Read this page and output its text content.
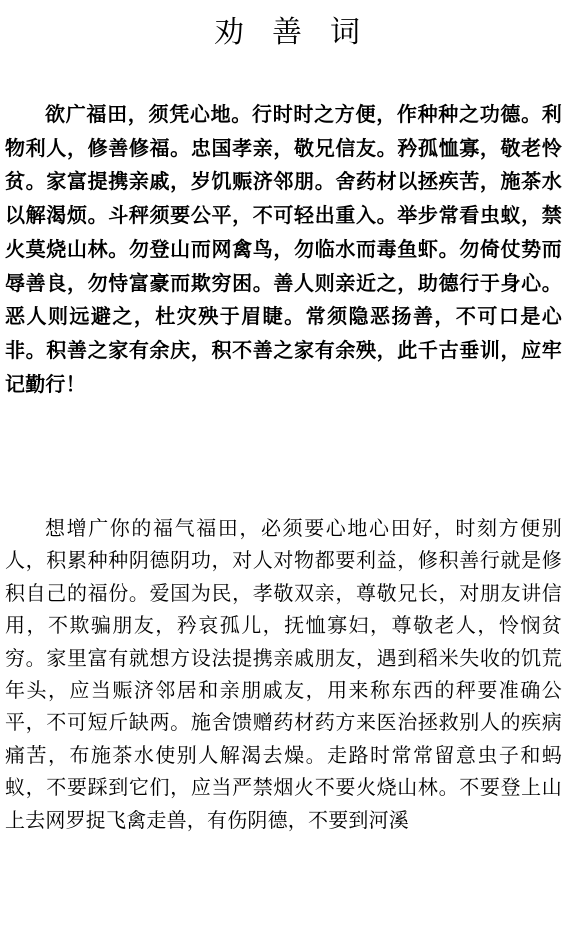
劝善词

欲广福田，须凭心地。行时时之方便，作种种之功德。利物利人，修善修福。忠国孝亲，敬兄信友。矜孤恤寡，敬老怜贫。家富提携亲戚，岁饥赈济邻朋。舍药材以拯疾苦，施茶水以解渴烦。斗秤须要公平，不可轻出重入。举步常看虫蚁，禁火莫烧山林。勿登山而网禽鸟，勿临水而毒鱼虾。勿倚仗势而辱善良，勿恃富豪而欺穷困。善人则亲近之，助德行于身心。恶人则远避之，杜灾殃于眉睫。常须隐恶扬善，不可口是心非。积善之家有余庆，积不善之家有余殃，此千古垂训，应牢记勤行！

想增广你的福气福田，必须要心地心田好，时刻方便别人，积累种种阴德阴功，对人对物都要利益，修积善行就是修积自己的福份。爱国为民，孝敬双亲，尊敬兄长，对朋友讲信用，不欺骗朋友，矜哀孤儿，抚恤寡妇，尊敬老人，怜悯贫穷。家里富有就想方设法提携亲戚朋友，遇到稻米失收的饥荒年头，应当赈济邻居和亲朋戚友，用来称东西的秤要准确公平，不可短斤缺两。施舍馈赠药材药方来医治拯救别人的疾病痛苦，布施茶水使别人解渴去燥。走路时常常留意虫子和蚂蚁，不要踩到它们，应当严禁烟火不要火烧山林。不要登上山上去网罗捉飞禽走兽，有伤阴德，不要到河溪
